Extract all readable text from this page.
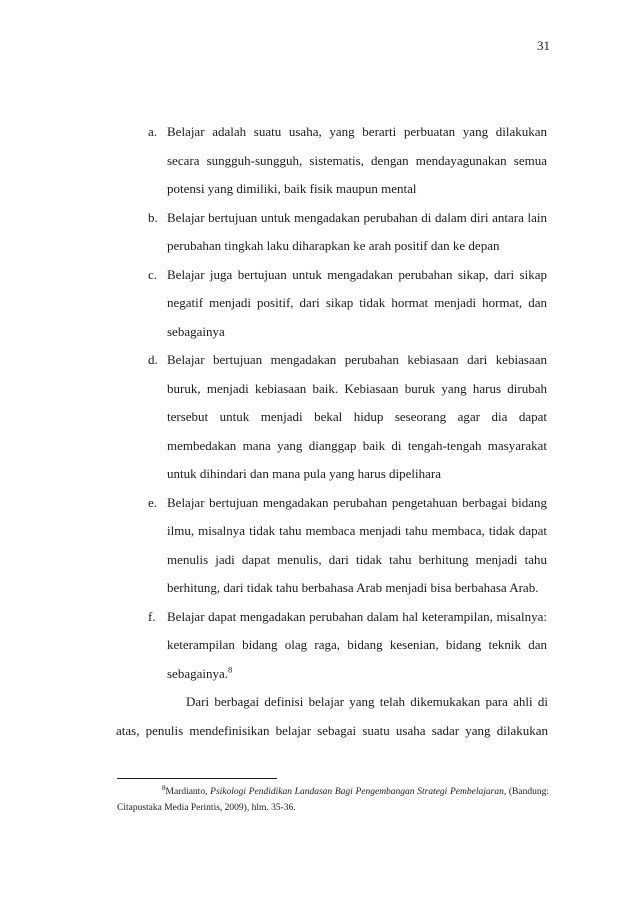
31
a. Belajar adalah suatu usaha, yang berarti perbuatan yang dilakukan secara sungguh-sungguh, sistematis, dengan mendayagunakan semua potensi yang dimiliki, baik fisik maupun mental
b. Belajar bertujuan untuk mengadakan perubahan di dalam diri antara lain perubahan tingkah laku diharapkan ke arah positif dan ke depan
c. Belajar juga bertujuan untuk mengadakan perubahan sikap, dari sikap negatif menjadi positif, dari sikap tidak hormat menjadi hormat, dan sebagainya
d. Belajar bertujuan mengadakan perubahan kebiasaan dari kebiasaan buruk, menjadi kebiasaan baik. Kebiasaan buruk yang harus dirubah tersebut untuk menjadi bekal hidup seseorang agar dia dapat membedakan mana yang dianggap baik di tengah-tengah masyarakat untuk dihindari dan mana pula yang harus dipelihara
e. Belajar bertujuan mengadakan perubahan pengetahuan berbagai bidang ilmu, misalnya tidak tahu membaca menjadi tahu membaca, tidak dapat menulis jadi dapat menulis, dari tidak tahu berhitung menjadi tahu berhitung, dari tidak tahu berbahasa Arab menjadi bisa berbahasa Arab.
f. Belajar dapat mengadakan perubahan dalam hal keterampilan, misalnya: keterampilan bidang olag raga, bidang kesenian, bidang teknik dan sebagainya.$^8$
Dari berbagai definisi belajar yang telah dikemukakan para ahli di atas, penulis mendefinisikan belajar sebagai suatu usaha sadar yang dilakukan
$^8$Mardianto, Psikologi Pendidikan Landasan Bagi Pengembangan Strategi Pembelajaran, (Bandung: Citapustaka Media Perintis, 2009), hlm. 35-36.
